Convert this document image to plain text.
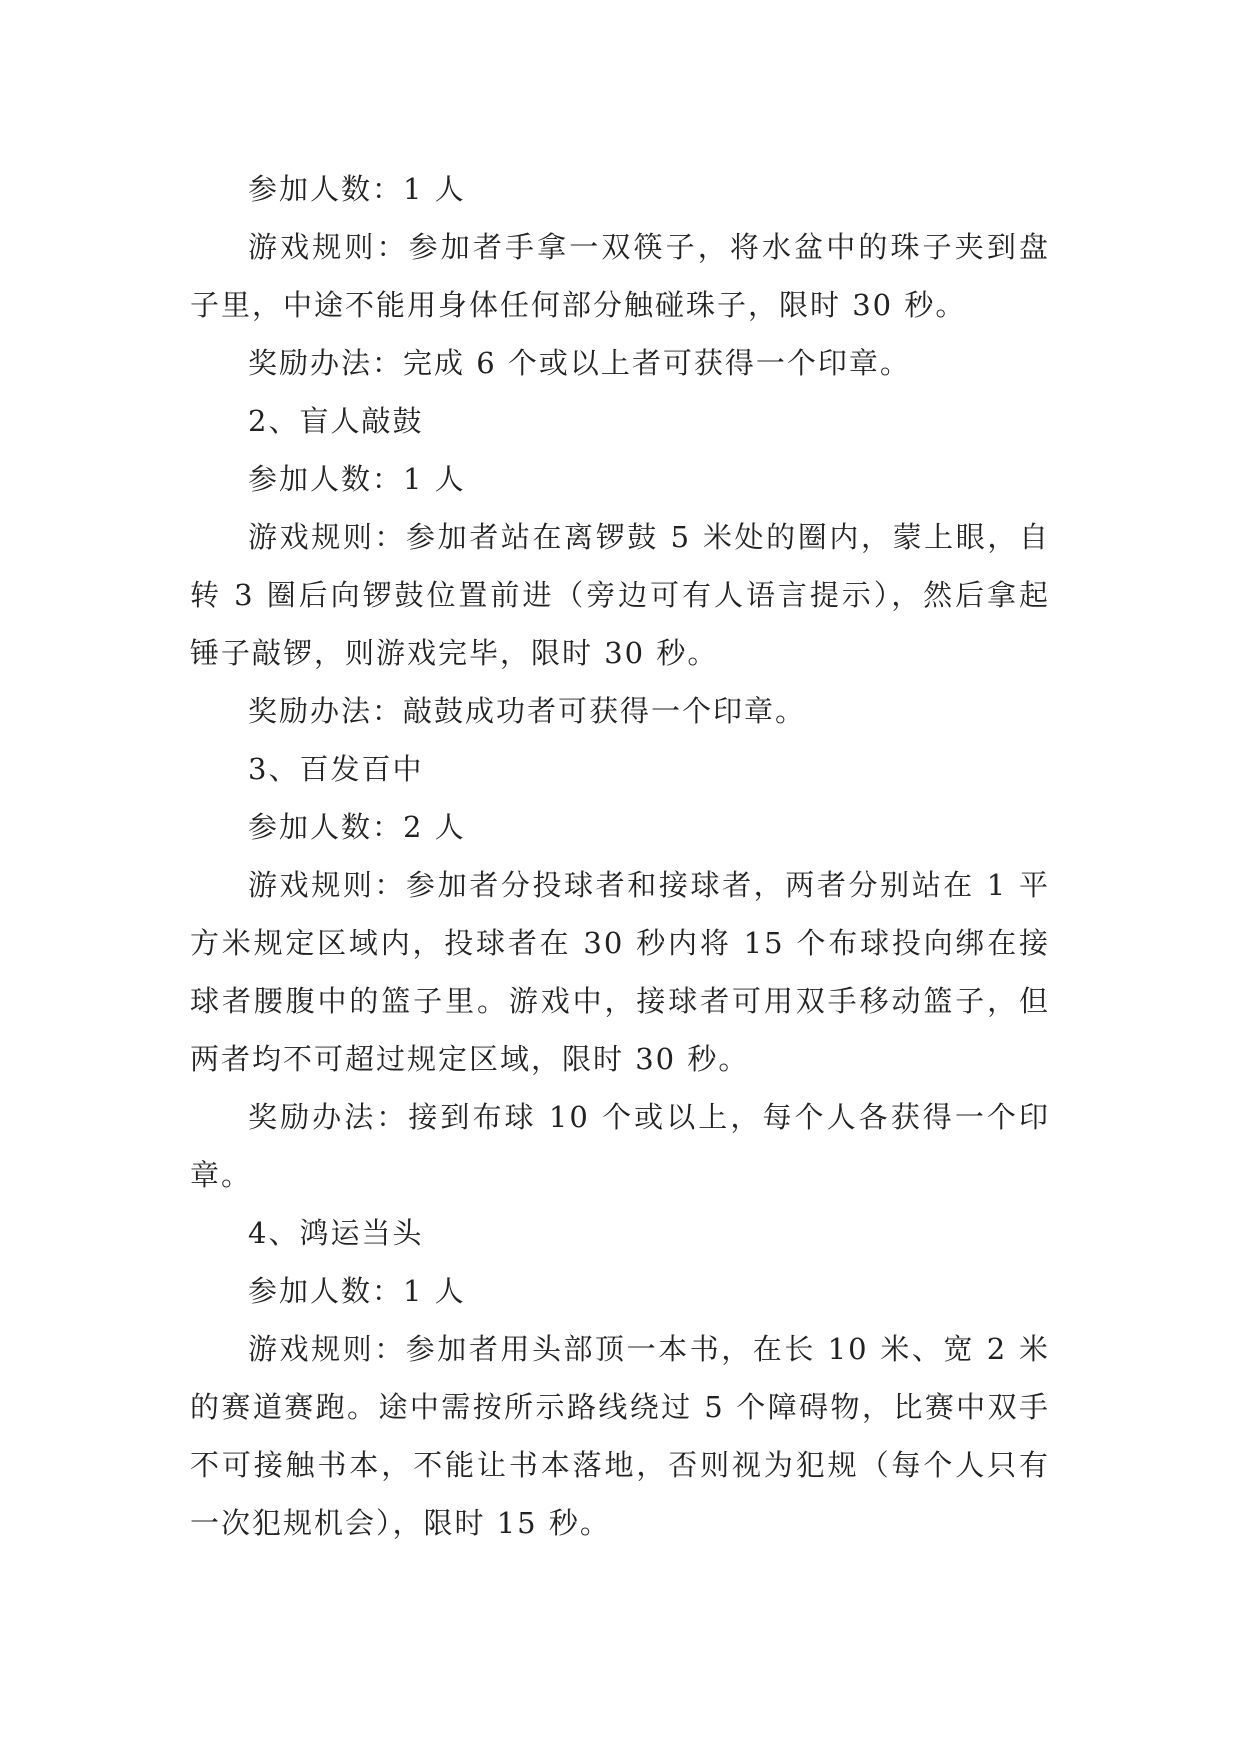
参加人数：1 人

游戏规则：参加者手拿一双筷子，将水盆中的珠子夹到盘子里，中途不能用身体任何部分触碰珠子，限时 30 秒。

奖励办法：完成 6 个或以上者可获得一个印章。

2、盲人敲鼓

参加人数：1 人

游戏规则：参加者站在离锣鼓 5 米处的圈内，蒙上眼，自转 3 圈后向锣鼓位置前进（旁边可有人语言提示），然后拿起锤子敲锣，则游戏完毕，限时 30 秒。

奖励办法：敲鼓成功者可获得一个印章。

3、百发百中

参加人数：2 人

游戏规则：参加者分投球者和接球者，两者分别站在 1 平方米规定区域内，投球者在 30 秒内将 15 个布球投向绑在接球者腰腹中的篮子里。游戏中，接球者可用双手移动篮子，但两者均不可超过规定区域，限时 30 秒。

奖励办法：接到布球 10 个或以上，每个人各获得一个印章。

4、鸿运当头

参加人数：1 人

游戏规则：参加者用头部顶一本书，在长 10 米、宽 2 米的赛道赛跑。途中需按所示路线绕过 5 个障碍物，比赛中双手不可接触书本，不能让书本落地，否则视为犯规（每个人只有一次犯规机会），限时 15 秒。
